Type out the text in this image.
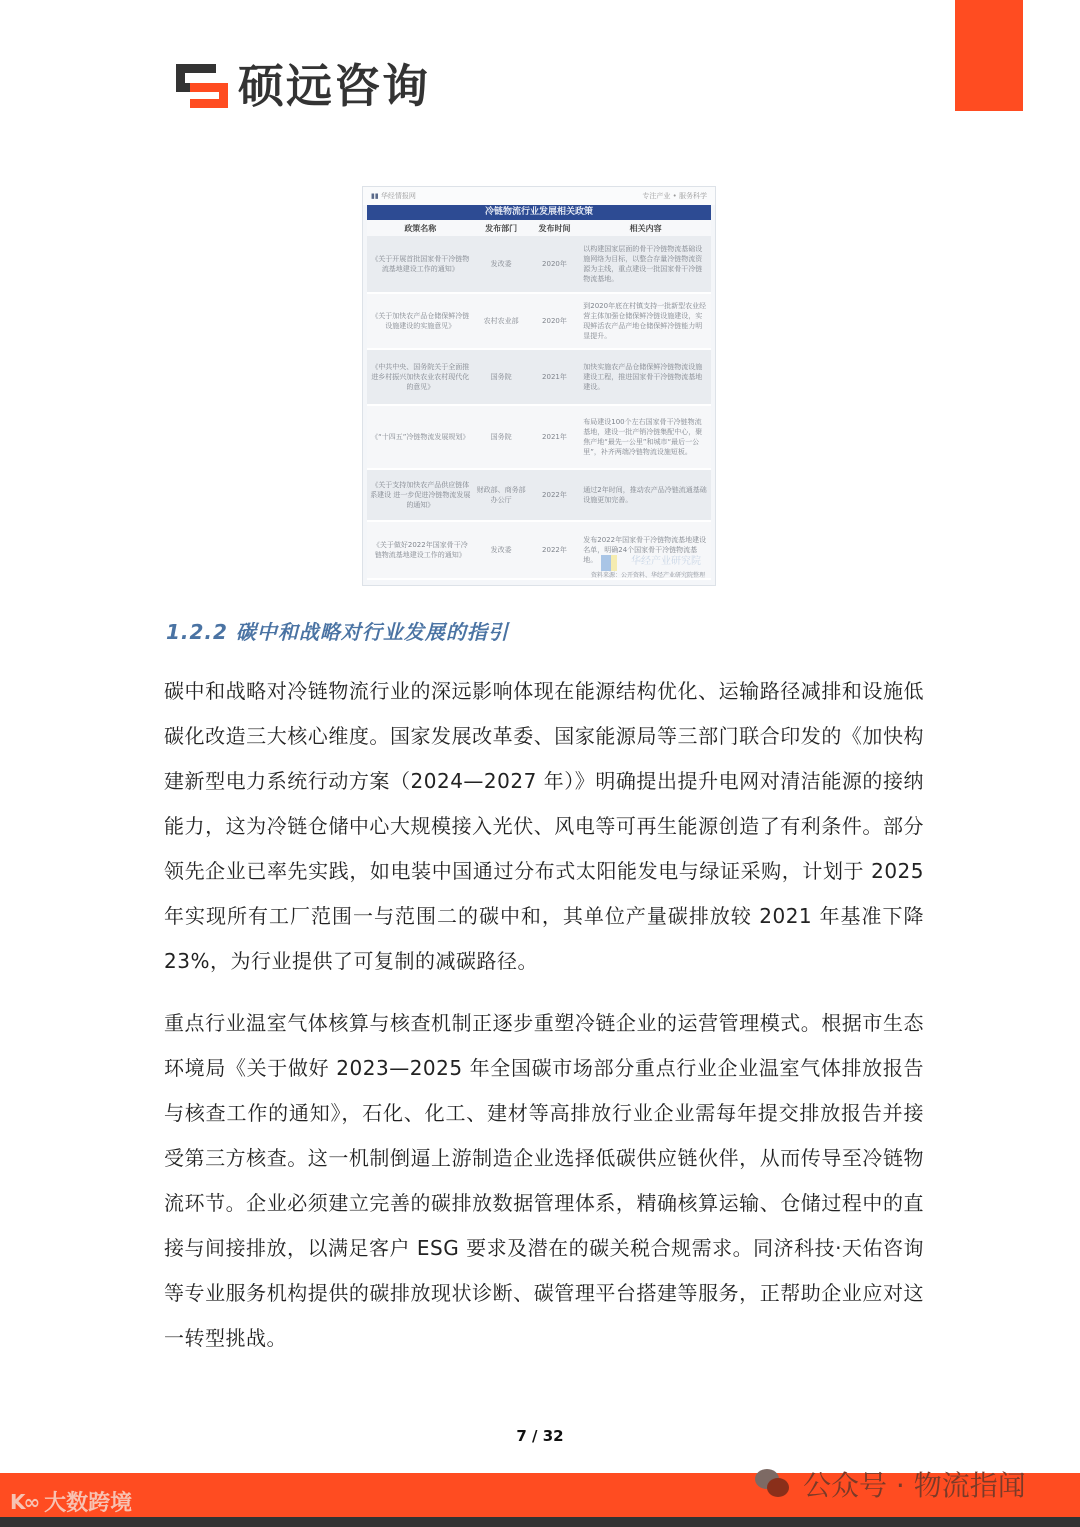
硕远咨询
▮▮ 华经情报网	专注产业 • 服务科学
冷链物流行业发展相关政策
政策名称	发布部门	发布时间	相关内容
《关于开展首批国家骨干冷链物流基地建设工作的通知》	发改委	2020年	以构建国家层面的骨干冷链物流基础设施网络为目标，以整合存量冷链物流资源为主线，重点建设一批国家骨干冷链物流基地。
《关于加快农产品仓储保鲜冷链设施建设的实施意见》	农村农业部	2020年	到2020年底在村镇支持一批新型农业经营主体加强仓储保鲜冷链设施建设，实现鲜活农产品产地仓储保鲜冷链能力明显提升。
《中共中央、国务院关于全面推进乡村振兴加快农业农村现代化的意见》	国务院	2021年	加快实施农产品仓储保鲜冷链物流设施建设工程，推进国家骨干冷链物流基地建设。
《“十四五”冷链物流发展规划》	国务院	2021年	布局建设100个左右国家骨干冷链物流基地，建设一批产销冷链集配中心，聚焦产地“最先一公里”和城市“最后一公里”，补齐两端冷链物流设施短板。
《关于支持加快农产品供应链体系建设 进一步促进冷链物流发展的通知》	财政部、商务部办公厅	2022年	通过2年时间，推动农产品冷链流通基础设施更加完善。
《关于做好2022年国家骨干冷链物流基地建设工作的通知》	发改委	2022年	发布2022年国家骨干冷链物流基地建设名单，明确24个国家骨干冷链物流基地。	华经产业研究院
资料来源：公开资料、华经产业研究院整理
1.2.2 碳中和战略对行业发展的指引

碳中和战略对冷链物流行业的深远影响体现在能源结构优化、运输路径减排和设施低碳化改造三大核心维度。国家发展改革委、国家能源局等三部门联合印发的《加快构建新型电力系统行动方案（2024—2027 年）》明确提出提升电网对清洁能源的接纳能力，这为冷链仓储中心大规模接入光伏、风电等可再生能源创造了有利条件。部分领先企业已率先实践，如电装中国通过分布式太阳能发电与绿证采购，计划于 2025 年实现所有工厂范围一与范围二的碳中和，其单位产量碳排放较 2021 年基准下降 23%，为行业提供了可复制的减碳路径。

重点行业温室气体核算与核查机制正逐步重塑冷链企业的运营管理模式。根据市生态环境局《关于做好 2023—2025 年全国碳市场部分重点行业企业温室气体排放报告与核查工作的通知》，石化、化工、建材等高排放行业企业需每年提交排放报告并接受第三方核查。这一机制倒逼上游制造企业选择低碳供应链伙伴，从而传导至冷链物流环节。企业必须建立完善的碳排放数据管理体系，精确核算运输、仓储过程中的直接与间接排放，以满足客户 ESG 要求及潜在的碳关税合规需求。同济科技·天佑咨询等专业服务机构提供的碳排放现状诊断、碳管理平台搭建等服务，正帮助企业应对这一转型挑战。

7 / 32
K∞ 大数跨境
公众号 · 物流指闻
